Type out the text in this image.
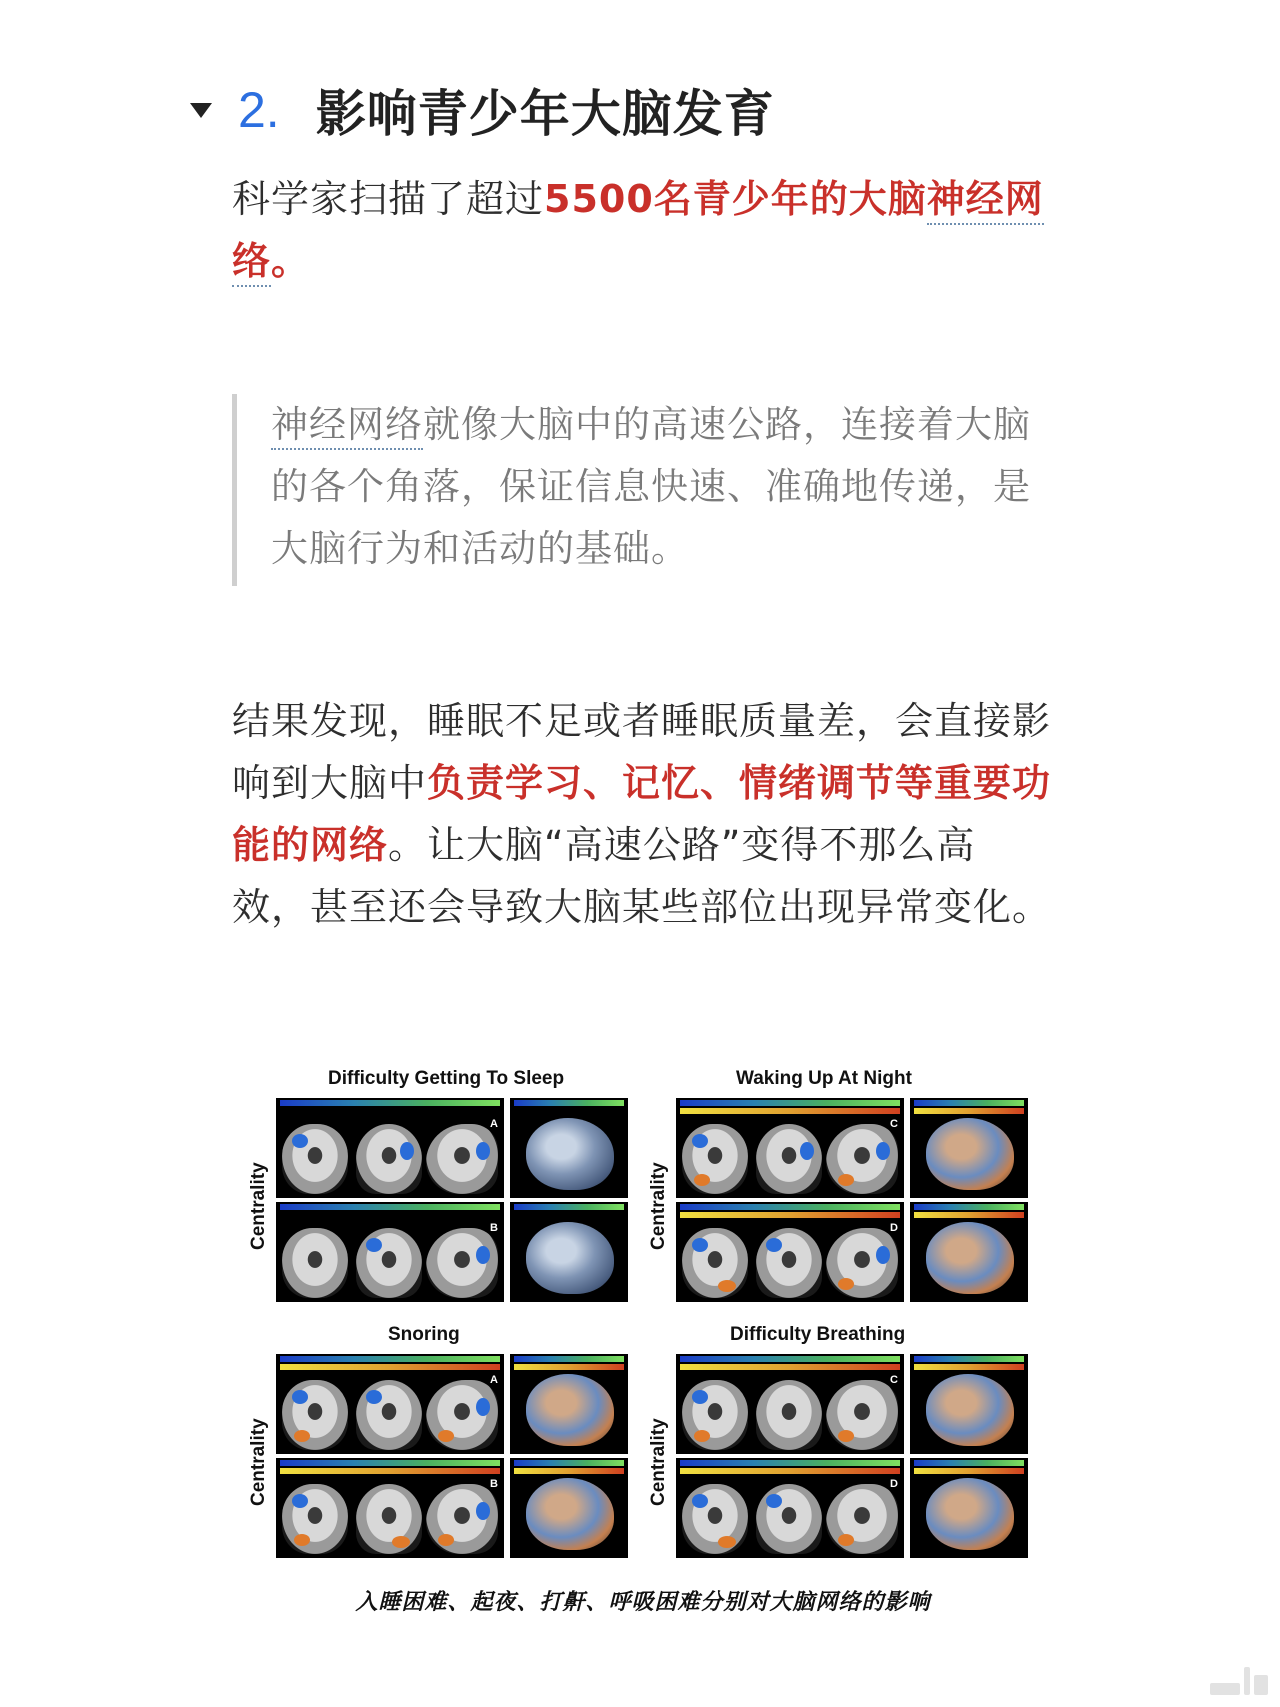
2. 影响青少年大脑发育
科学家扫描了超过5500名青少年的大脑神经网络。
神经网络就像大脑中的高速公路，连接着大脑的各个角落，保证信息快速、准确地传递，是大脑行为和活动的基础。
结果发现，睡眠不足或者睡眠质量差，会直接影响到大脑中负责学习、记忆、情绪调节等重要功能的网络。让大脑“高速公路”变得不那么高效，甚至还会导致大脑某些部位出现异常变化。
Difficulty Getting To Sleep
Centrality
A
B
Waking Up At Night
Centrality
C
D
Snoring
Centrality
A
B
Difficulty Breathing
Centrality
C
D
入睡困难、起夜、打鼾、呼吸困难分别对大脑网络的影响
